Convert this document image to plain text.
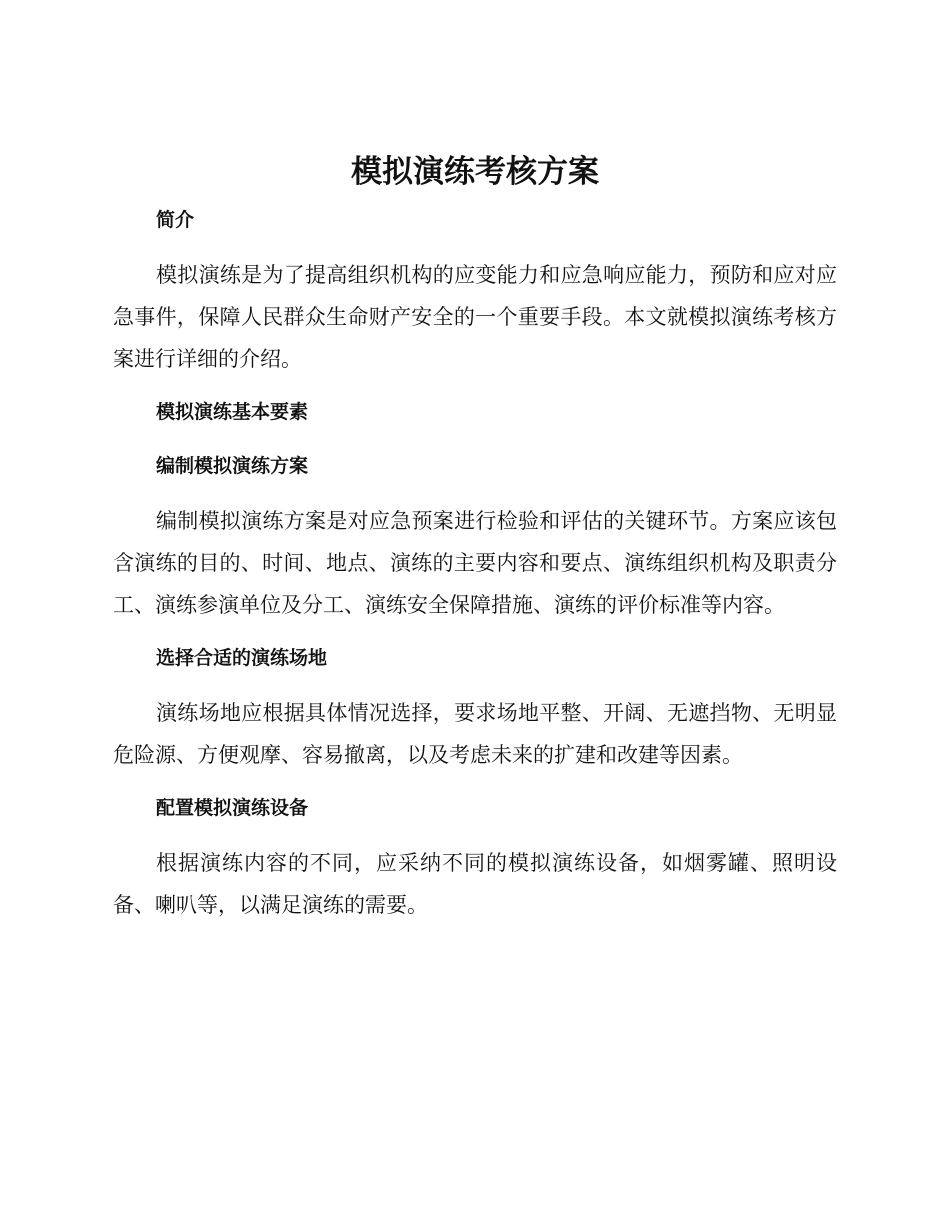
模拟演练考核方案
简介

模拟演练是为了提高组织机构的应变能力和应急响应能力，预防和应对应急事件，保障人民群众生命财产安全的一个重要手段。本文就模拟演练考核方案进行详细的介绍。

模拟演练基本要素
编制模拟演练方案

编制模拟演练方案是对应急预案进行检验和评估的关键环节。方案应该包含演练的目的、时间、地点、演练的主要内容和要点、演练组织机构及职责分工、演练参演单位及分工、演练安全保障措施、演练的评价标准等内容。

选择合适的演练场地

演练场地应根据具体情况选择，要求场地平整、开阔、无遮挡物、无明显危险源、方便观摩、容易撤离，以及考虑未来的扩建和改建等因素。

配置模拟演练设备

根据演练内容的不同，应采纳不同的模拟演练设备，如烟雾罐、照明设备、喇叭等，以满足演练的需要。
